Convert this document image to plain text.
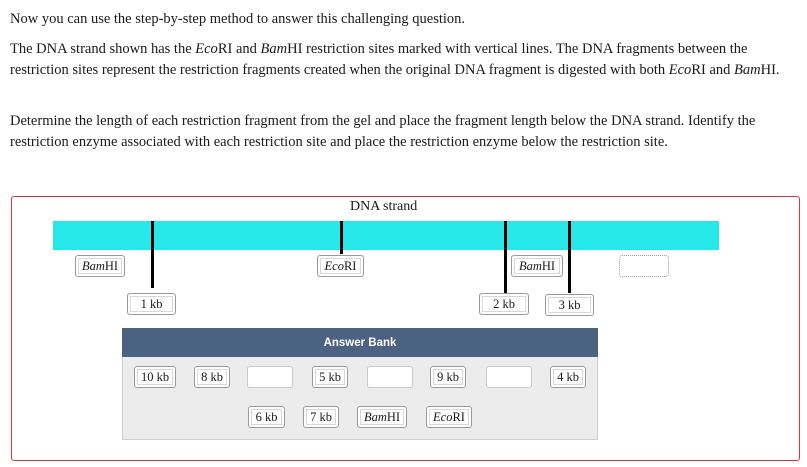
Now you can use the step-by-step method to answer this challenging question.

The DNA strand shown has the EcoRI and BamHI restriction sites marked with vertical lines. The DNA fragments between the restriction sites represent the restriction fragments created when the original DNA fragment is digested with both EcoRI and BamHI.

Determine the length of each restriction fragment from the gel and place the fragment length below the DNA strand. Identify the restriction enzyme associated with each restriction site and place the restriction enzyme below the restriction site.

DNA strand
Bam HI	Eco RI	Bam HI
1 kb	2 kb	3 kb
Answer Bank
10 kb	8 kb	5 kb	9 kb	4 kb
6 kb	7 kb	Bam HI	Eco RI
